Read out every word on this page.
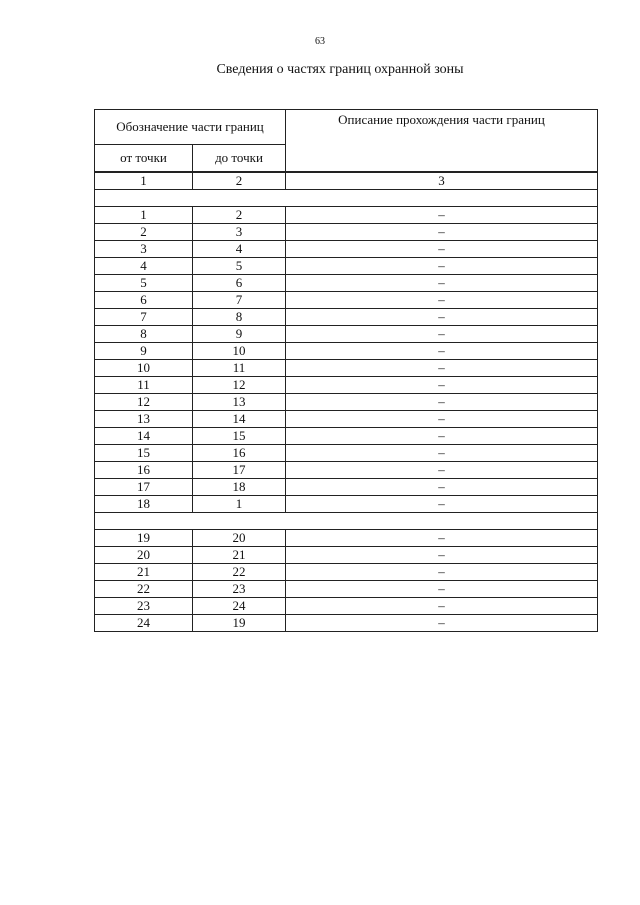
63
Сведения о частях границ охранной зоны
Обозначение части границ		Описание прохождения части границ
от точки	до точки	
1	2	3

1	2	–
2	3	–
3	4	–
4	5	–
5	6	–
6	7	–
7	8	–
8	9	–
9	10	–
10	11	–
11	12	–
12	13	–
13	14	–
14	15	–
15	16	–
16	17	–
17	18	–
18	1	–

19	20	–
20	21	–
21	22	–
22	23	–
23	24	–
24	19	–
